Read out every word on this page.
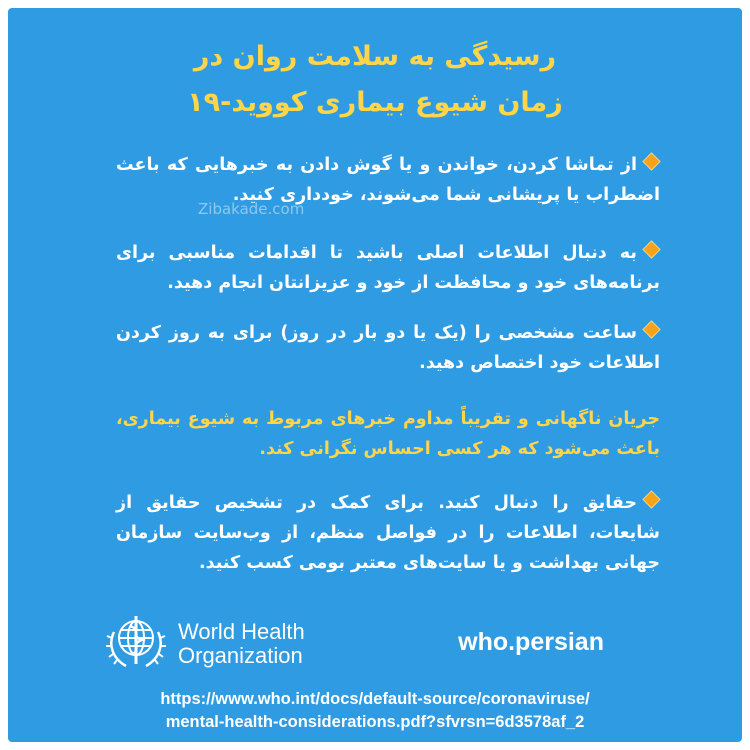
رسیدگی به سلامت روان در
زمان شیوع بیماری کووید-۱۹
از تماشا کردن، خواندن و یا گوش دادن به خبرهایی که باعث اضطراب یا پریشانی شما می‌شوند، خودداری کنید.
Zibakade.com
به دنبال اطلاعات اصلی باشید تا اقدامات مناسبی برای برنامه‌های خود و محافظت از خود و عزیزانتان انجام دهید.
ساعت مشخصی را (یک یا دو بار در روز) برای به روز کردن اطلاعات خود اختصاص دهید.
جریان ناگهانی و تقریباً مداوم خبرهای مربوط به شیوع بیماری، باعث می‌شود که هر کسی احساس نگرانی کند.
حقایق را دنبال کنید. برای کمک در تشخیص حقایق از شایعات، اطلاعات را در فواصل منظم، از وب‌سایت سازمان جهانی بهداشت و یا سایت‌های معتبر بومی کسب کنید.
World Health
Organization	who.persian
https://www.who.int/docs/default-source/coronaviruse/
mental-health-considerations.pdf?sfvrsn=6d3578af_2
